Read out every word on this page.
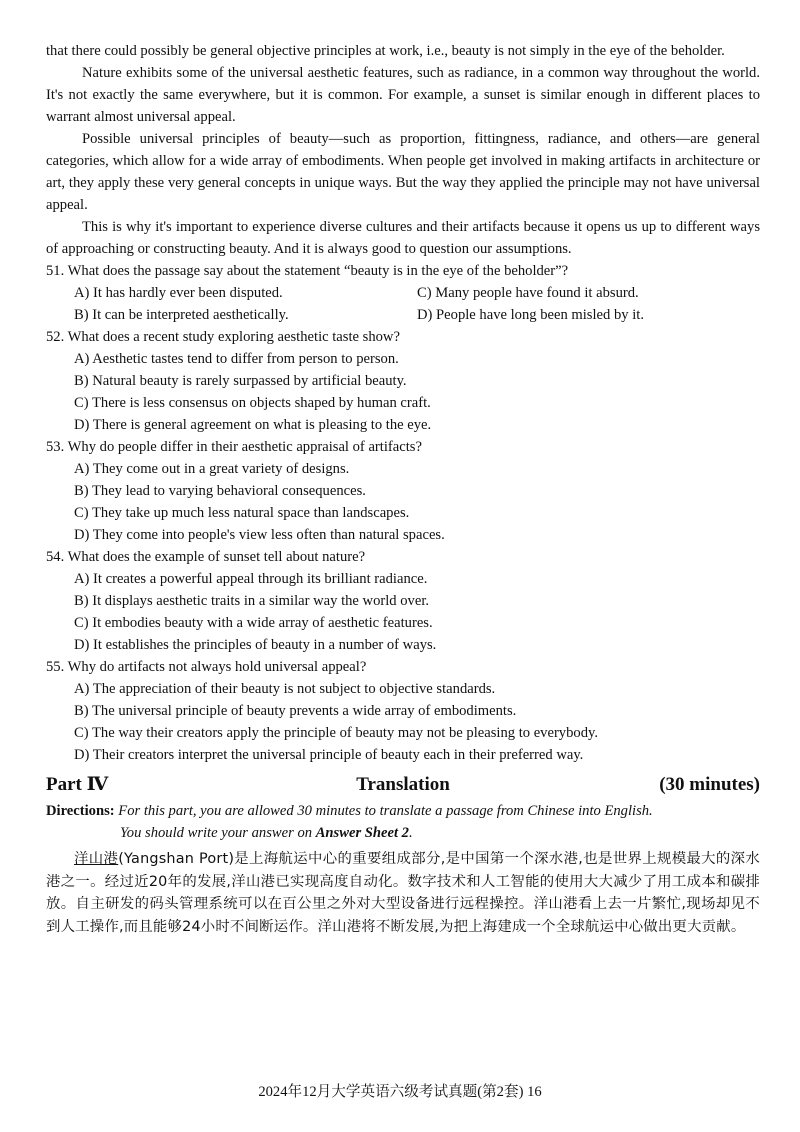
that there could possibly be general objective principles at work, i.e., beauty is not simply in the eye of the beholder.

Nature exhibits some of the universal aesthetic features, such as radiance, in a common way throughout the world. It's not exactly the same everywhere, but it is common. For example, a sunset is similar enough in different places to warrant almost universal appeal.

Possible universal principles of beauty—such as proportion, fittingness, radiance, and others—are general categories, which allow for a wide array of embodiments. When people get involved in making artifacts in architecture or art, they apply these very general concepts in unique ways. But the way they applied the principle may not have universal appeal.

This is why it's important to experience diverse cultures and their artifacts because it opens us up to different ways of approaching or constructing beauty. And it is always good to question our assumptions.

51. What does the passage say about the statement “beauty is in the eye of the beholder”?

A) It has hardly ever been disputed.	C) Many people have found it absurd.
B) It can be interpreted aesthetically.	D) People have long been misled by it.

52. What does a recent study exploring aesthetic taste show?

A) Aesthetic tastes tend to differ from person to person.

B) Natural beauty is rarely surpassed by artificial beauty.

C) There is less consensus on objects shaped by human craft.

D) There is general agreement on what is pleasing to the eye.

53. Why do people differ in their aesthetic appraisal of artifacts?

A) They come out in a great variety of designs.

B) They lead to varying behavioral consequences.

C) They take up much less natural space than landscapes.

D) They come into people's view less often than natural spaces.

54. What does the example of sunset tell about nature?

A) It creates a powerful appeal through its brilliant radiance.

B) It displays aesthetic traits in a similar way the world over.

C) It embodies beauty with a wide array of aesthetic features.

D) It establishes the principles of beauty in a number of ways.

55. Why do artifacts not always hold universal appeal?

A) The appreciation of their beauty is not subject to objective standards.

B) The universal principle of beauty prevents a wide array of embodiments.

C) The way their creators apply the principle of beauty may not be pleasing to everybody.

D) Their creators interpret the universal principle of beauty each in their preferred way.

Part Ⅳ	Translation	(30 minutes)
Directions: For this part, you are allowed 30 minutes to translate a passage from Chinese into English.
You should write your answer on Answer Sheet 2.

洋山港(Yangshan Port)是上海航运中心的重要组成部分,是中国第一个深水港,也是世界上规模最大的深水港之一。经过近20年的发展,洋山港已实现高度自动化。数字技术和人工智能的使用大大减少了用工成本和碳排放。自主研发的码头管理系统可以在百公里之外对大型设备进行远程操控。洋山港看上去一片繁忙,现场却见不到人工操作,而且能够24小时不间断运作。洋山港将不断发展,为把上海建成一个全球航运中心做出更大贡献。

2024年12月大学英语六级考试真题(第2套) 16
